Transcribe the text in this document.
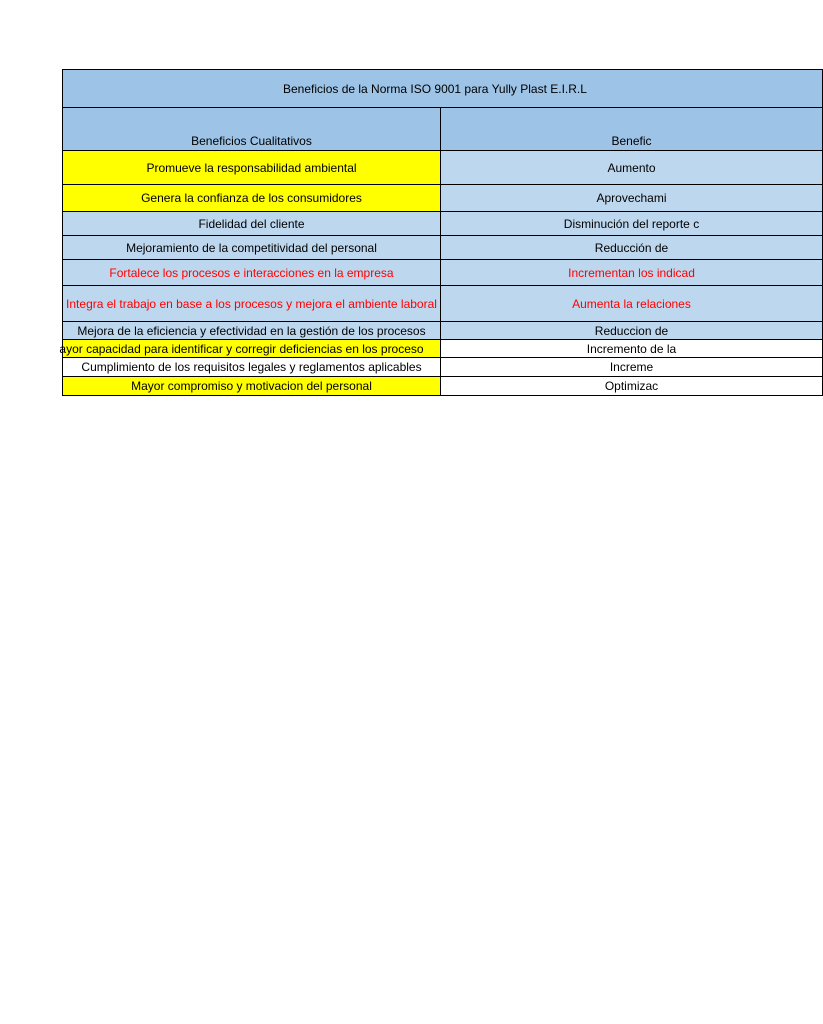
Beneficios de la Norma ISO 9001 para Yully Plast E.I.R.L	
Beneficios Cualitativos	Benefic
Promueve la responsabilidad ambiental	Aumento
Genera la confianza de los consumidores	Aprovechami
Fidelidad del cliente	Disminución del reporte c
Mejoramiento de la competitividad del personal	Reducción de
Fortalece los procesos e interacciones en la empresa	Incrementan los indicad
Integra el trabajo en base a los procesos y mejora el ambiente laboral	Aumenta la relaciones
Mejora de la eficiencia y efectividad en la gestión de los procesos	Reduccion de
ayor capacidad para identificar y corregir deficiencias en los proceso	Incremento de la
Cumplimiento de los requisitos legales y reglamentos aplicables	Increme
Mayor compromiso y motivacion del personal	Optimizac
